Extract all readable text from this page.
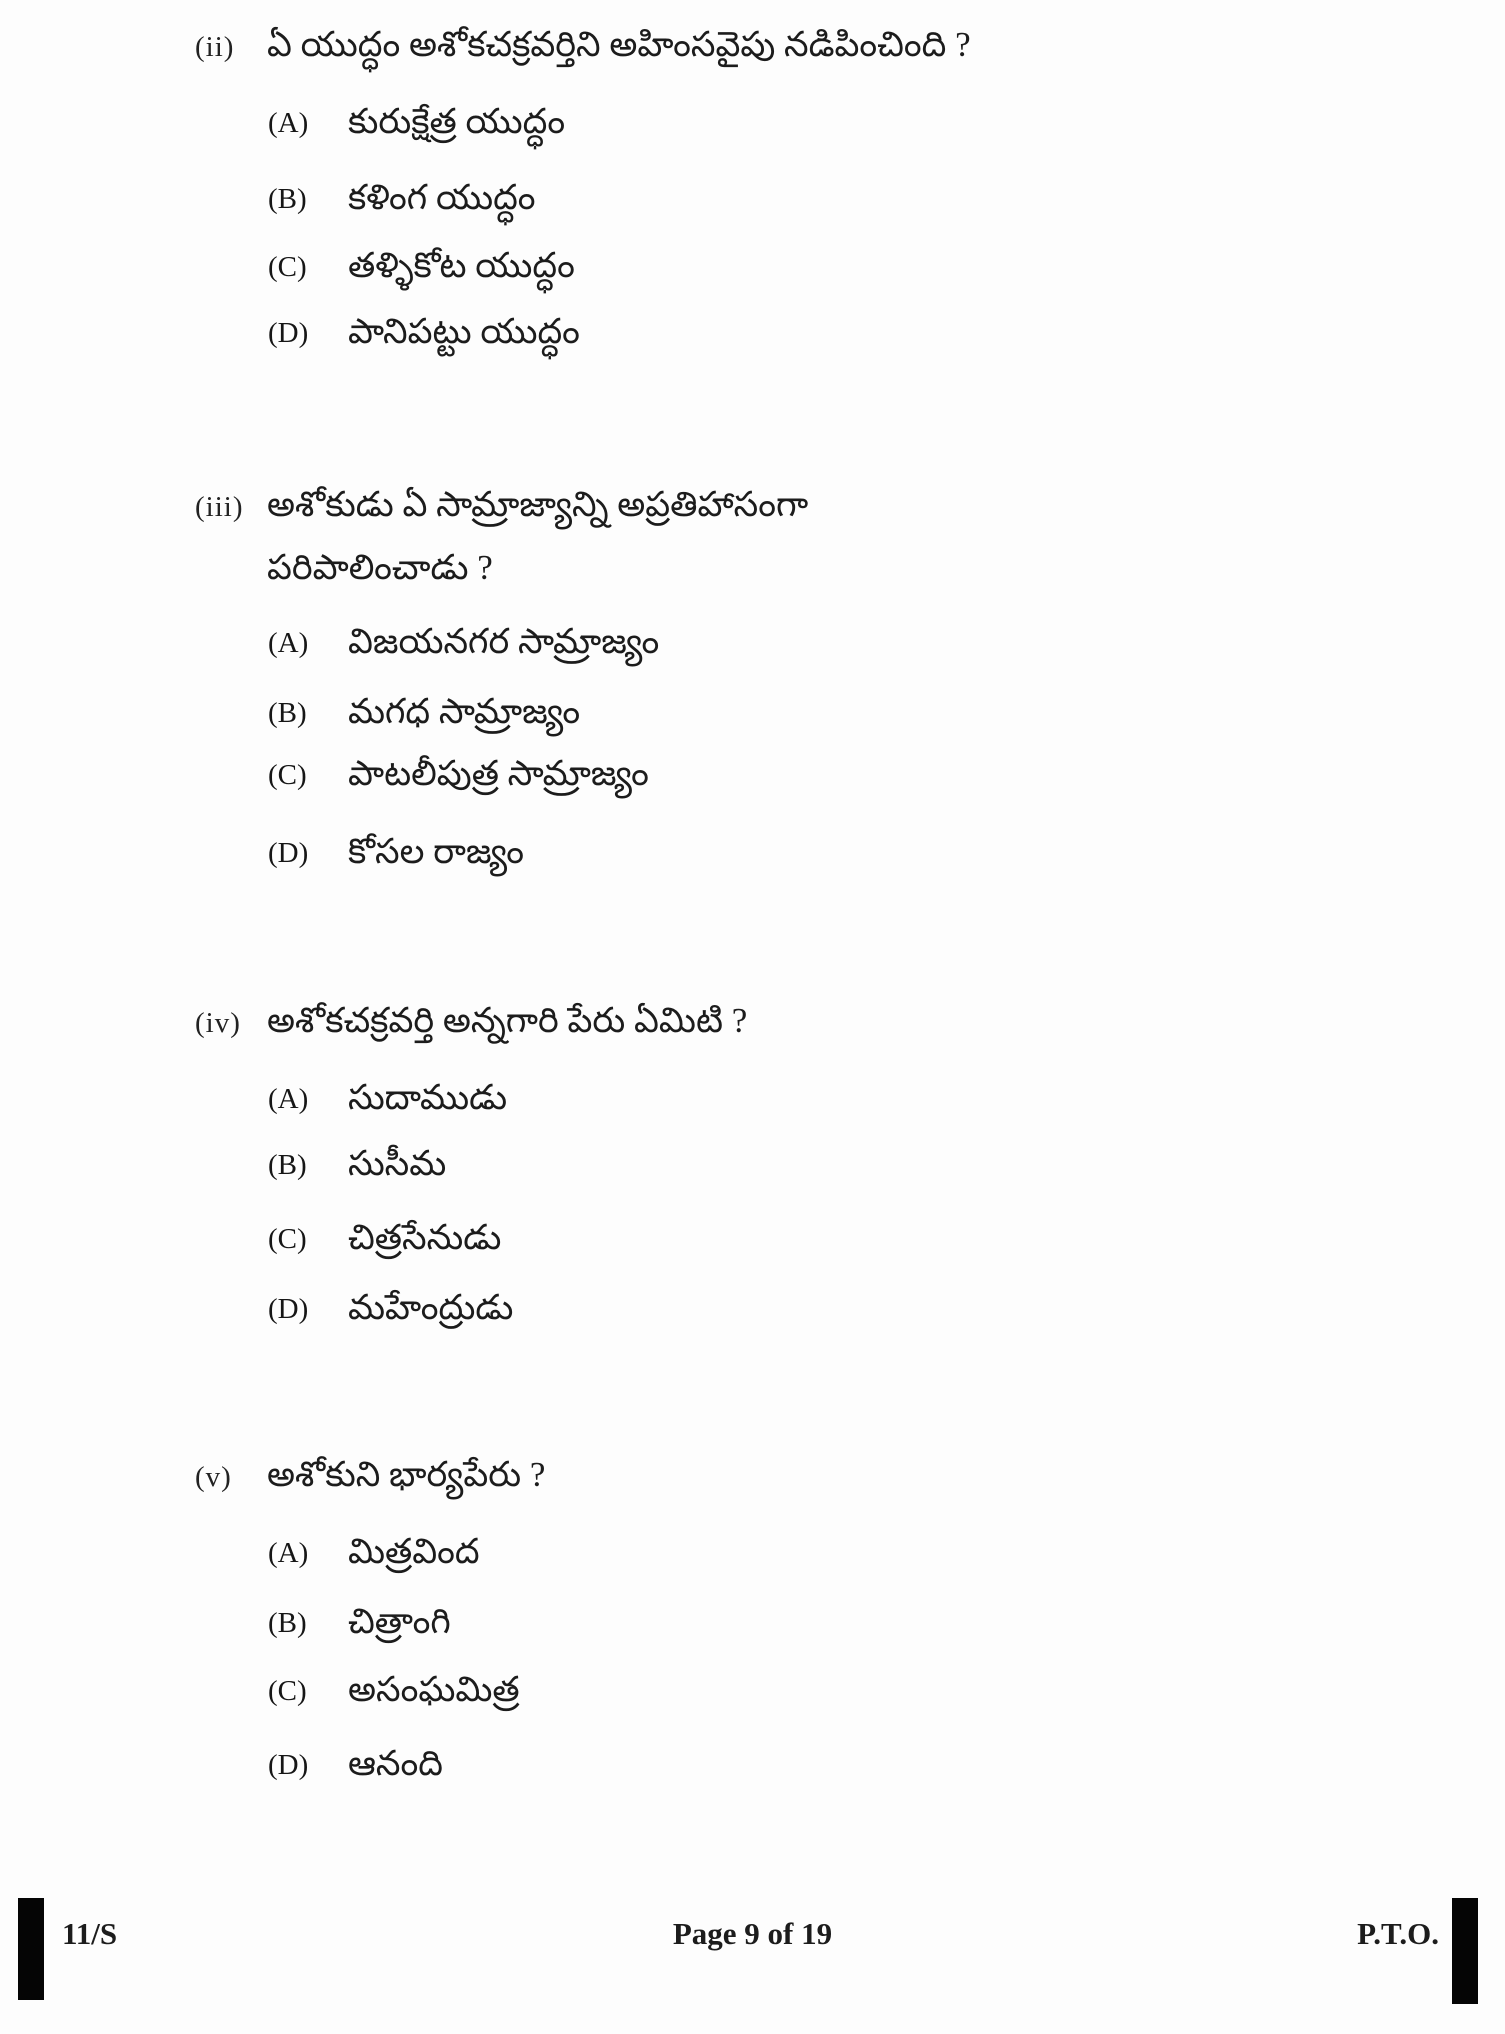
(ii) ఏ యుద్ధం అశోకచక్రవర్తిని అహింసవైపు నడిపించింది ?
(A)	కురుక్షేత్ర యుద్ధం
(B)	కళింగ యుద్ధం
(C)	తళ్ళికోట యుద్ధం
(D)	పానిపట్టు యుద్ధం
(iii) అశోకుడు ఏ సామ్రాజ్యాన్ని అప్రతిహాసంగా
పరిపాలించాడు ?
(A)	విజయనగర సామ్రాజ్యం
(B)	మగధ సామ్రాజ్యం
(C)	పాటలీపుత్ర సామ్రాజ్యం
(D)	కోసల రాజ్యం
(iv) అశోకచక్రవర్తి అన్నగారి పేరు ఏమిటి ?
(A)	సుదాముడు
(B)	సుసీమ
(C)	చిత్రసేనుడు
(D)	మహేంద్రుడు
(v)	అశోకుని భార్యపేరు ?
(A)	మిత్రవింద
(B)	చిత్రాంగి
(C)	అసంఘమిత్ర
(D)	ఆనంది
11/S	Page 9 of 19	P.T.O.
